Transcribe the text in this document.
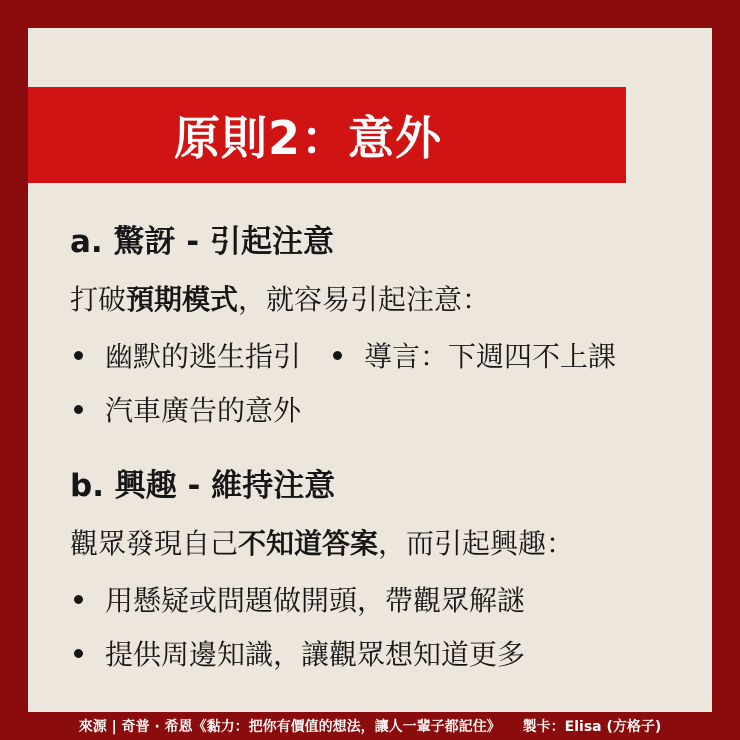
原則2：意外
a. 驚訝 - 引起注意
打破預期模式，就容易引起注意：
幽默的逃生指引 導言：下週四不上課
汽車廣告的意外
b. 興趣 - 維持注意
觀眾發現自己不知道答案，而引起興趣：
用懸疑或問題做開頭，帶觀眾解謎
提供周邊知識，讓觀眾想知道更多
來源 | 奇普 · 希恩《黏力：把你有價值的想法，讓人一輩子都記住》 製卡：Elisa (方格子)
